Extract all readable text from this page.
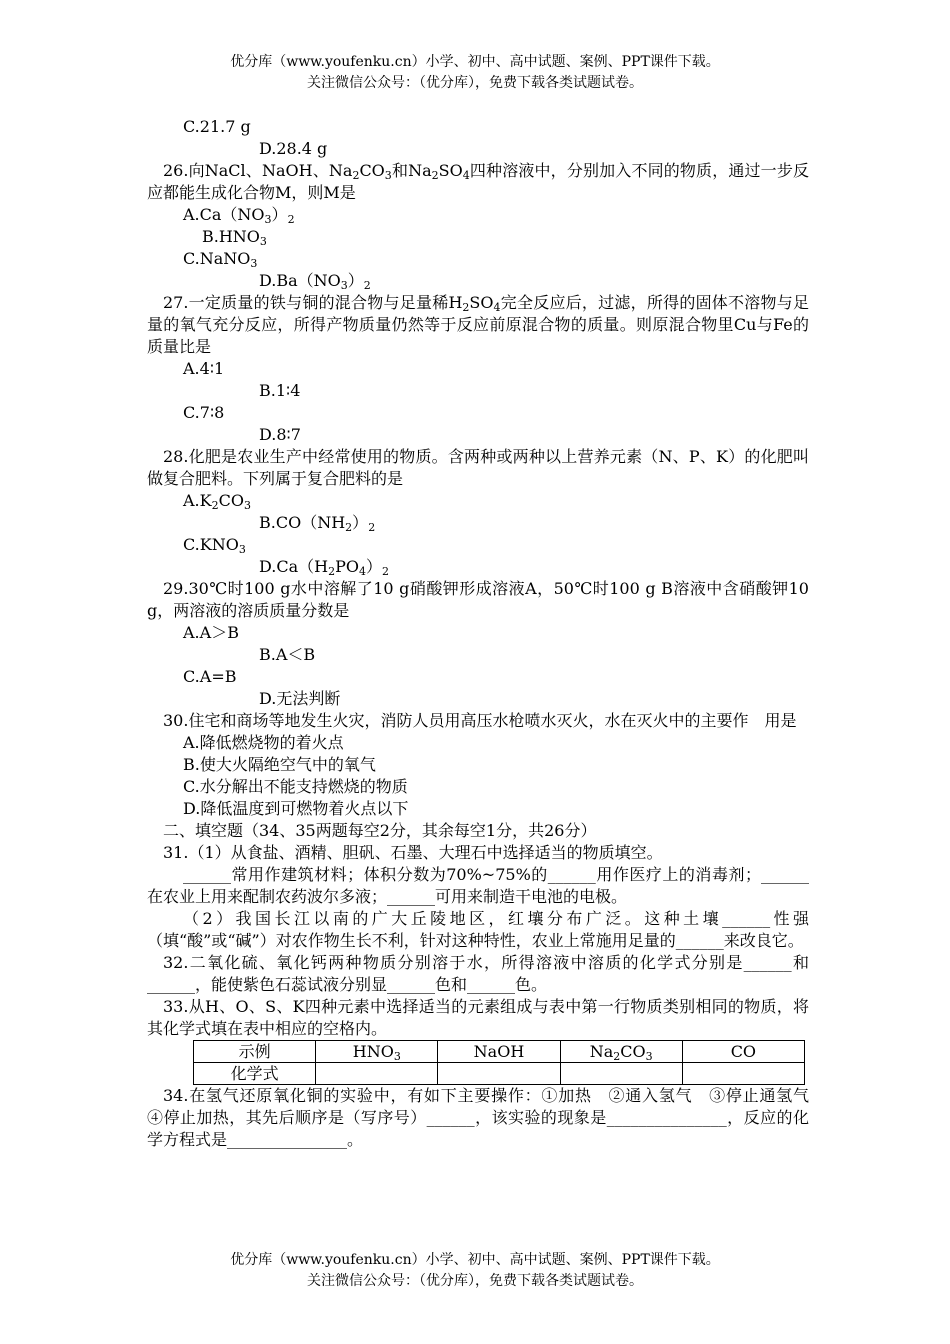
优分库（www.youfenku.cn）小学、初中、高中试题、案例、PPT课件下载。
关注微信公众号：（优分库），免费下载各类试题试卷。
C.21.7 g
D.28.4 g
26.向NaCl、NaOH、$Na_2CO_3$和$Na_2SO_4$四种溶液中，分别加入不同的物质，通过一步反应都能生成化合物M，则M是
$A.Ca(NO_3)_2$
$B.HNO_3$
C.NaNO$_3$
$D.Ba(NO_3)_2$
27.一定质量的铁与铜的混合物与足量稀$H_2SO_4$完全反应后，过滤，所得的固体不溶物与足量的氧气充分反应，所得产物质量仍然等于反应前原混合物的质量。则原混合物里Cu与Fe的质量比是
A.4∶1
B.1∶4
C.7∶8
D.8∶7
28.化肥是农业生产中经常使用的物质。含两种或两种以上营养元素（N、P、K）的化肥叫做复合肥料。下列属于复合肥料的是
$A.K_2CO_3$
$B.CO(NH_2)_2$
$C.KNO_3$
$D.Ca(H_2PO_4)_2$
29.30℃时100 g水中溶解了10 g硝酸钾形成溶液A，50℃时100 g B溶液中含硝酸钾10 g，两溶液的溶质质量分数是
A.A＞B
B.A＜B
C.A=B
D.无法判断
30.住宅和商场等地发生火灾，消防人员用高压水枪喷水灭火，水在灭火中的主要作　用是
A.降低燃烧物的着火点
B.使大火隔绝空气中的氧气
C.水分解出不能支持燃烧的物质
D.降低温度到可燃物着火点以下
二、填空题（34、35两题每空2分，其余每空1分，共26分）
31.（1）从食盐、酒精、胆矾、石墨、大理石中选择适当的物质填空。
______常用作建筑材料；体积分数为70%~75%的______用作医疗上的消毒剂；______在农业上用来配制农药波尔多液；______可用来制造干电池的电极。
（2）我国长江以南的广大丘陵地区，红壤分布广泛。这种土壤______性强（填“酸”或“碱”）对农作物生长不利，针对这种特性，农业上常施用足量的______来改良它。
32.二氧化硫、氧化钙两种物质分别溶于水，所得溶液中溶质的化学式分别是______和______，能使紫色石蕊试液分别显______色和______色。
33.从H、O、S、K四种元素中选择适当的元素组成与表中第一行物质类别相同的物质，将其化学式填在表中相应的空格内。
示例	$HNO_3$	NaOH	$Na_2CO_3$	CO
化学式				
34.在氢气还原氧化铜的实验中，有如下主要操作：①加热　②通入氢气　③停止通氢气　④停止加热，其先后顺序是（写序号）______，该实验的现象是_______________，反应的化学方程式是_______________。
优分库（www.youfenku.cn）小学、初中、高中试题、案例、PPT课件下载。
关注微信公众号：（优分库），免费下载各类试题试卷。
